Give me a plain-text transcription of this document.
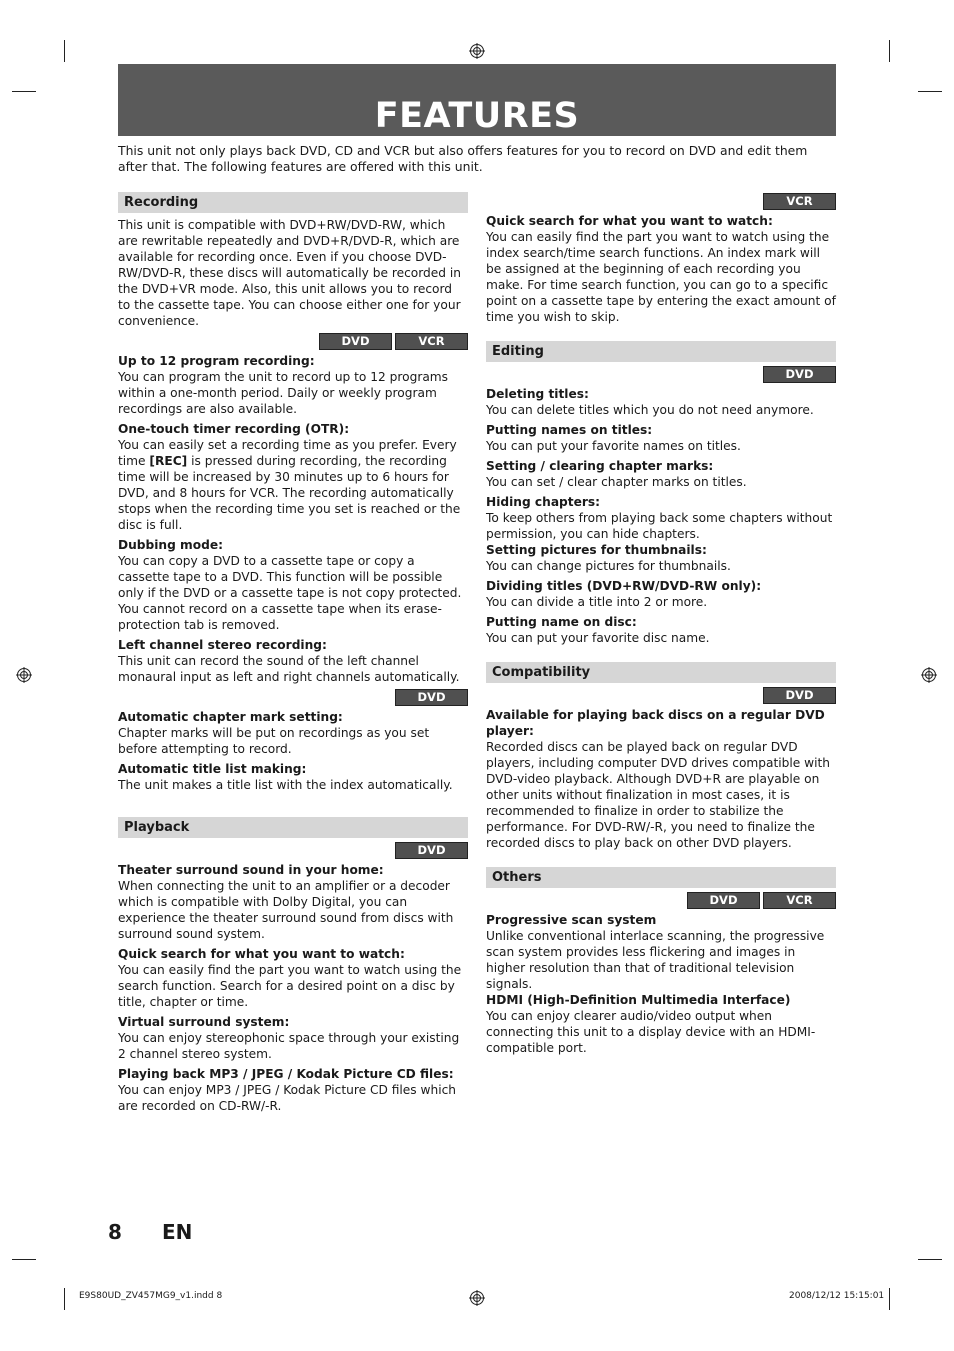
FEATURES
This unit not only plays back DVD, CD and VCR but also offers features for you to record on DVD and edit them after that. The following features are offered with this unit.
Recording
This unit is compatible with DVD+RW/DVD-RW, which are rewritable repeatedly and DVD+R/DVD-R, which are available for recording once. Even if you choose DVD-RW/DVD-R, these discs will automatically be recorded in the DVD+VR mode. Also, this unit allows you to record to the cassette tape. You can choose either one for your convenience.
DVD	VCR
Up to 12 program recording:
You can program the unit to record up to 12 programs within a one-month period. Daily or weekly program recordings are also available.
One-touch timer recording (OTR):
You can easily set a recording time as you prefer. Every time [REC] is pressed during recording, the recording time will be increased by 30 minutes up to 6 hours for DVD, and 8 hours for VCR. The recording automatically stops when the recording time you set is reached or the disc is full.
Dubbing mode:
You can copy a DVD to a cassette tape or copy a cassette tape to a DVD. This function will be possible only if the DVD or a cassette tape is not copy protected.
You cannot record on a cassette tape when its erase-protection tab is removed.
Left channel stereo recording:
This unit can record the sound of the left channel monaural input as left and right channels automatically.
DVD
Automatic chapter mark setting:
Chapter marks will be put on recordings as you set before attempting to record.
Automatic title list making:
The unit makes a title list with the index automatically.
Playback
DVD
Theater surround sound in your home:
When connecting the unit to an amplifier or a decoder which is compatible with Dolby Digital, you can experience the theater surround sound from discs with surround sound system.
Quick search for what you want to watch:
You can easily find the part you want to watch using the search function. Search for a desired point on a disc by title, chapter or time.
Virtual surround system:
You can enjoy stereophonic space through your existing 2 channel stereo system.
Playing back MP3 / JPEG / Kodak Picture CD files:
You can enjoy MP3 / JPEG / Kodak Picture CD files which are recorded on CD-RW/-R.
VCR
Quick search for what you want to watch:
You can easily find the part you want to watch using the index search/time search functions. An index mark will be assigned at the beginning of each recording you make. For time search function, you can go to a specific point on a cassette tape by entering the exact amount of time you wish to skip.
Editing
DVD
Deleting titles:
You can delete titles which you do not need anymore.
Putting names on titles:
You can put your favorite names on titles.
Setting / clearing chapter marks:
You can set / clear chapter marks on titles.
Hiding chapters:
To keep others from playing back some chapters without permission, you can hide chapters.
Setting pictures for thumbnails:
You can change pictures for thumbnails.
Dividing titles (DVD+RW/DVD-RW only):
You can divide a title into 2 or more.
Putting name on disc:
You can put your favorite disc name.
Compatibility
DVD
Available for playing back discs on a regular DVD player:
Recorded discs can be played back on regular DVD players, including computer DVD drives compatible with DVD-video playback. Although DVD+R are playable on other units without finalization in most cases, it is recommended to finalize in order to stabilize the performance. For DVD-RW/-R, you need to finalize the recorded discs to play back on other DVD players.
Others
DVD	VCR
Progressive scan system
Unlike conventional interlace scanning, the progressive scan system provides less flickering and images in higher resolution than that of traditional television signals.
HDMI (High-Definition Multimedia Interface)
You can enjoy clearer audio/video output when connecting this unit to a display device with an HDMI-compatible port.
8 EN
E9S80UD_ZV457MG9_v1.indd 8	2008/12/12 15:15:01
